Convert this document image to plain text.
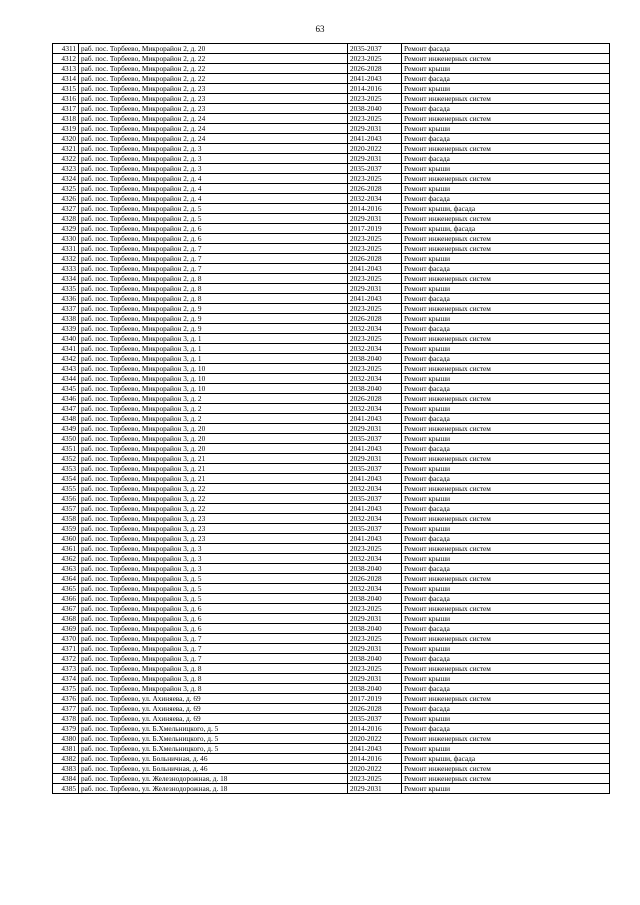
63
4311	раб. пос. Торбеево, Микрорайон 2, д. 20	2035-2037	Ремонт фасада
4312	раб. пос. Торбеево, Микрорайон 2, д. 22	2023-2025	Ремонт инженерных систем
4313	раб. пос. Торбеево, Микрорайон 2, д. 22	2026-2028	Ремонт крыши
4314	раб. пос. Торбеево, Микрорайон 2, д. 22	2041-2043	Ремонт фасада
4315	раб. пос. Торбеево, Микрорайон 2, д. 23	2014-2016	Ремонт крыши
4316	раб. пос. Торбеево, Микрорайон 2, д. 23	2023-2025	Ремонт инженерных систем
4317	раб. пос. Торбеево, Микрорайон 2, д. 23	2038-2040	Ремонт фасада
4318	раб. пос. Торбеево, Микрорайон 2, д. 24	2023-2025	Ремонт инженерных систем
4319	раб. пос. Торбеево, Микрорайон 2, д. 24	2029-2031	Ремонт крыши
4320	раб. пос. Торбеево, Микрорайон 2, д. 24	2041-2043	Ремонт фасада
4321	раб. пос. Торбеево, Микрорайон 2, д. 3	2020-2022	Ремонт инженерных систем
4322	раб. пос. Торбеево, Микрорайон 2, д. 3	2029-2031	Ремонт фасада
4323	раб. пос. Торбеево, Микрорайон 2, д. 3	2035-2037	Ремонт крыши
4324	раб. пос. Торбеево, Микрорайон 2, д. 4	2023-2025	Ремонт инженерных систем
4325	раб. пос. Торбеево, Микрорайон 2, д. 4	2026-2028	Ремонт крыши
4326	раб. пос. Торбеево, Микрорайон 2, д. 4	2032-2034	Ремонт фасада
4327	раб. пос. Торбеево, Микрорайон 2, д. 5	2014-2016	Ремонт крыши, фасада
4328	раб. пос. Торбеево, Микрорайон 2, д. 5	2029-2031	Ремонт инженерных систем
4329	раб. пос. Торбеево, Микрорайон 2, д. 6	2017-2019	Ремонт крыши, фасада
4330	раб. пос. Торбеево, Микрорайон 2, д. 6	2023-2025	Ремонт инженерных систем
4331	раб. пос. Торбеево, Микрорайон 2, д. 7	2023-2025	Ремонт инженерных систем
4332	раб. пос. Торбеево, Микрорайон 2, д. 7	2026-2028	Ремонт крыши
4333	раб. пос. Торбеево, Микрорайон 2, д. 7	2041-2043	Ремонт фасада
4334	раб. пос. Торбеево, Микрорайон 2, д. 8	2023-2025	Ремонт инженерных систем
4335	раб. пос. Торбеево, Микрорайон 2, д. 8	2029-2031	Ремонт крыши
4336	раб. пос. Торбеево, Микрорайон 2, д. 8	2041-2043	Ремонт фасада
4337	раб. пос. Торбеево, Микрорайон 2, д. 9	2023-2025	Ремонт инженерных систем
4338	раб. пос. Торбеево, Микрорайон 2, д. 9	2026-2028	Ремонт крыши
4339	раб. пос. Торбеево, Микрорайон 2, д. 9	2032-2034	Ремонт фасада
4340	раб. пос. Торбеево, Микрорайон 3, д. 1	2023-2025	Ремонт инженерных систем
4341	раб. пос. Торбеево, Микрорайон 3, д. 1	2032-2034	Ремонт крыши
4342	раб. пос. Торбеево, Микрорайон 3, д. 1	2038-2040	Ремонт фасада
4343	раб. пос. Торбеево, Микрорайон 3, д. 10	2023-2025	Ремонт инженерных систем
4344	раб. пос. Торбеево, Микрорайон 3, д. 10	2032-2034	Ремонт крыши
4345	раб. пос. Торбеево, Микрорайон 3, д. 10	2038-2040	Ремонт фасада
4346	раб. пос. Торбеево, Микрорайон 3, д. 2	2026-2028	Ремонт инженерных систем
4347	раб. пос. Торбеево, Микрорайон 3, д. 2	2032-2034	Ремонт крыши
4348	раб. пос. Торбеево, Микрорайон 3, д. 2	2041-2043	Ремонт фасада
4349	раб. пос. Торбеево, Микрорайон 3, д. 20	2029-2031	Ремонт инженерных систем
4350	раб. пос. Торбеево, Микрорайон 3, д. 20	2035-2037	Ремонт крыши
4351	раб. пос. Торбеево, Микрорайон 3, д. 20	2041-2043	Ремонт фасада
4352	раб. пос. Торбеево, Микрорайон 3, д. 21	2029-2031	Ремонт инженерных систем
4353	раб. пос. Торбеево, Микрорайон 3, д. 21	2035-2037	Ремонт крыши
4354	раб. пос. Торбеево, Микрорайон 3, д. 21	2041-2043	Ремонт фасада
4355	раб. пос. Торбеево, Микрорайон 3, д. 22	2032-2034	Ремонт инженерных систем
4356	раб. пос. Торбеево, Микрорайон 3, д. 22	2035-2037	Ремонт крыши
4357	раб. пос. Торбеево, Микрорайон 3, д. 22	2041-2043	Ремонт фасада
4358	раб. пос. Торбеево, Микрорайон 3, д. 23	2032-2034	Ремонт инженерных систем
4359	раб. пос. Торбеево, Микрорайон 3, д. 23	2035-2037	Ремонт крыши
4360	раб. пос. Торбеево, Микрорайон 3, д. 23	2041-2043	Ремонт фасада
4361	раб. пос. Торбеево, Микрорайон 3, д. 3	2023-2025	Ремонт инженерных систем
4362	раб. пос. Торбеево, Микрорайон 3, д. 3	2032-2034	Ремонт крыши
4363	раб. пос. Торбеево, Микрорайон 3, д. 3	2038-2040	Ремонт фасада
4364	раб. пос. Торбеево, Микрорайон 3, д. 5	2026-2028	Ремонт инженерных систем
4365	раб. пос. Торбеево, Микрорайон 3, д. 5	2032-2034	Ремонт крыши
4366	раб. пос. Торбеево, Микрорайон 3, д. 5	2038-2040	Ремонт фасада
4367	раб. пос. Торбеево, Микрорайон 3, д. 6	2023-2025	Ремонт инженерных систем
4368	раб. пос. Торбеево, Микрорайон 3, д. 6	2029-2031	Ремонт крыши
4369	раб. пос. Торбеево, Микрорайон 3, д. 6	2038-2040	Ремонт фасада
4370	раб. пос. Торбеево, Микрорайон 3, д. 7	2023-2025	Ремонт инженерных систем
4371	раб. пос. Торбеево, Микрорайон 3, д. 7	2029-2031	Ремонт крыши
4372	раб. пос. Торбеево, Микрорайон 3, д. 7	2038-2040	Ремонт фасада
4373	раб. пос. Торбеево, Микрорайон 3, д. 8	2023-2025	Ремонт инженерных систем
4374	раб. пос. Торбеево, Микрорайон 3, д. 8	2029-2031	Ремонт крыши
4375	раб. пос. Торбеево, Микрорайон 3, д. 8	2038-2040	Ремонт фасада
4376	раб. пос. Торбеево, ул. Ахиняева, д. 69	2017-2019	Ремонт инженерных систем
4377	раб. пос. Торбеево, ул. Ахиняева, д. 69	2026-2028	Ремонт фасада
4378	раб. пос. Торбеево, ул. Ахиняева, д. 69	2035-2037	Ремонт крыши
4379	раб. пос. Торбеево, ул. Б.Хмельницкого, д. 5	2014-2016	Ремонт фасада
4380	раб. пос. Торбеево, ул. Б.Хмельницкого, д. 5	2020-2022	Ремонт инженерных систем
4381	раб. пос. Торбеево, ул. Б.Хмельницкого, д. 5	2041-2043	Ремонт крыши
4382	раб. пос. Торбеево, ул. Больничная, д. 46	2014-2016	Ремонт крыши, фасада
4383	раб. пос. Торбеево, ул. Больничная, д. 46	2020-2022	Ремонт инженерных систем
4384	раб. пос. Торбеево, ул. Железнодорожная, д. 18	2023-2025	Ремонт инженерных систем
4385	раб. пос. Торбеево, ул. Железнодорожная, д. 18	2029-2031	Ремонт крыши
